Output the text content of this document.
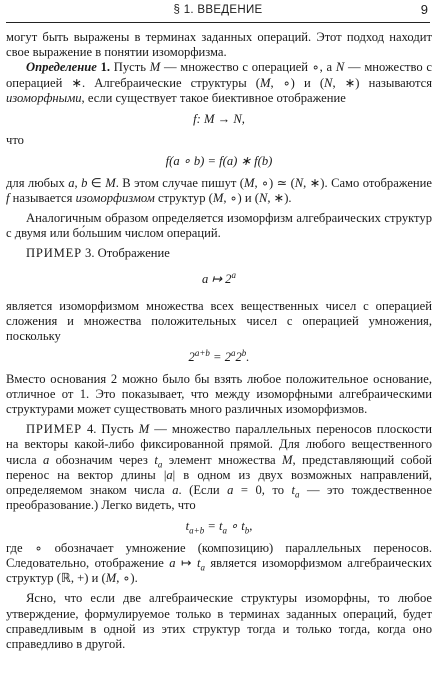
§ 1. ВВЕДЕНИЕ	9

могут быть выражены в терминах заданных операций. Этот подход находит свое выражение в понятии изоморфизма.

Определение 1. Пусть M — множество с операцией ∘, а N — множество с операцией ∗. Алгебраические структуры (M, ∘) и (N, ∗) называются изоморфными, если существует такое биективное отображение

f: M → N,

что

f(a ∘ b) = f(a) ∗ f(b)

для любых a, b ∈ M. В этом случае пишут (M, ∘) ≃ (N, ∗). Само отображение f называется изоморфизмом структур (M, ∘) и (N, ∗).

Аналогичным образом определяется изоморфизм алгебраических структур с двумя или бо́льшим числом операций.

ПРИМЕР 3. Отображение

a ↦ 2$^a$

является изоморфизмом множества всех вещественных чисел с операцией сложения и множества положительных чисел с операцией умножения, поскольку

$2^{a+b} = 2^a2^b$.

Вместо основания 2 можно было бы взять любое положительное основание, отличное от 1. Это показывает, что между изоморфными алгебраическими структурами может существовать много различных изоморфизмов.

ПРИМЕР 4. Пусть M — множество параллельных переносов плоскости на векторы какой-либо фиксированной прямой. Для любого вещественного числа a обозначим через $t_a$ элемент множества M, представляющий собой перенос на вектор длины |a| в одном из двух возможных направлений, определяемом знаком числа a. (Если a = 0, то $t_a$ — это тождественное преобразование.) Легко видеть, что

$t_{a+b} = t_a$ ∘ $t_b$,

где ∘ обозначает умножение (композицию) параллельных переносов. Следовательно, отображение a ↦ $t_a$ является изоморфизмом алгебраических структур (ℝ, +) и (M, ∘).

Ясно, что если две алгебраические структуры изоморфны, то любое утверждение, формулируемое только в терминах заданных операций, будет справедливым в одной из этих структур тогда и только тогда, когда оно справедливо в другой.
